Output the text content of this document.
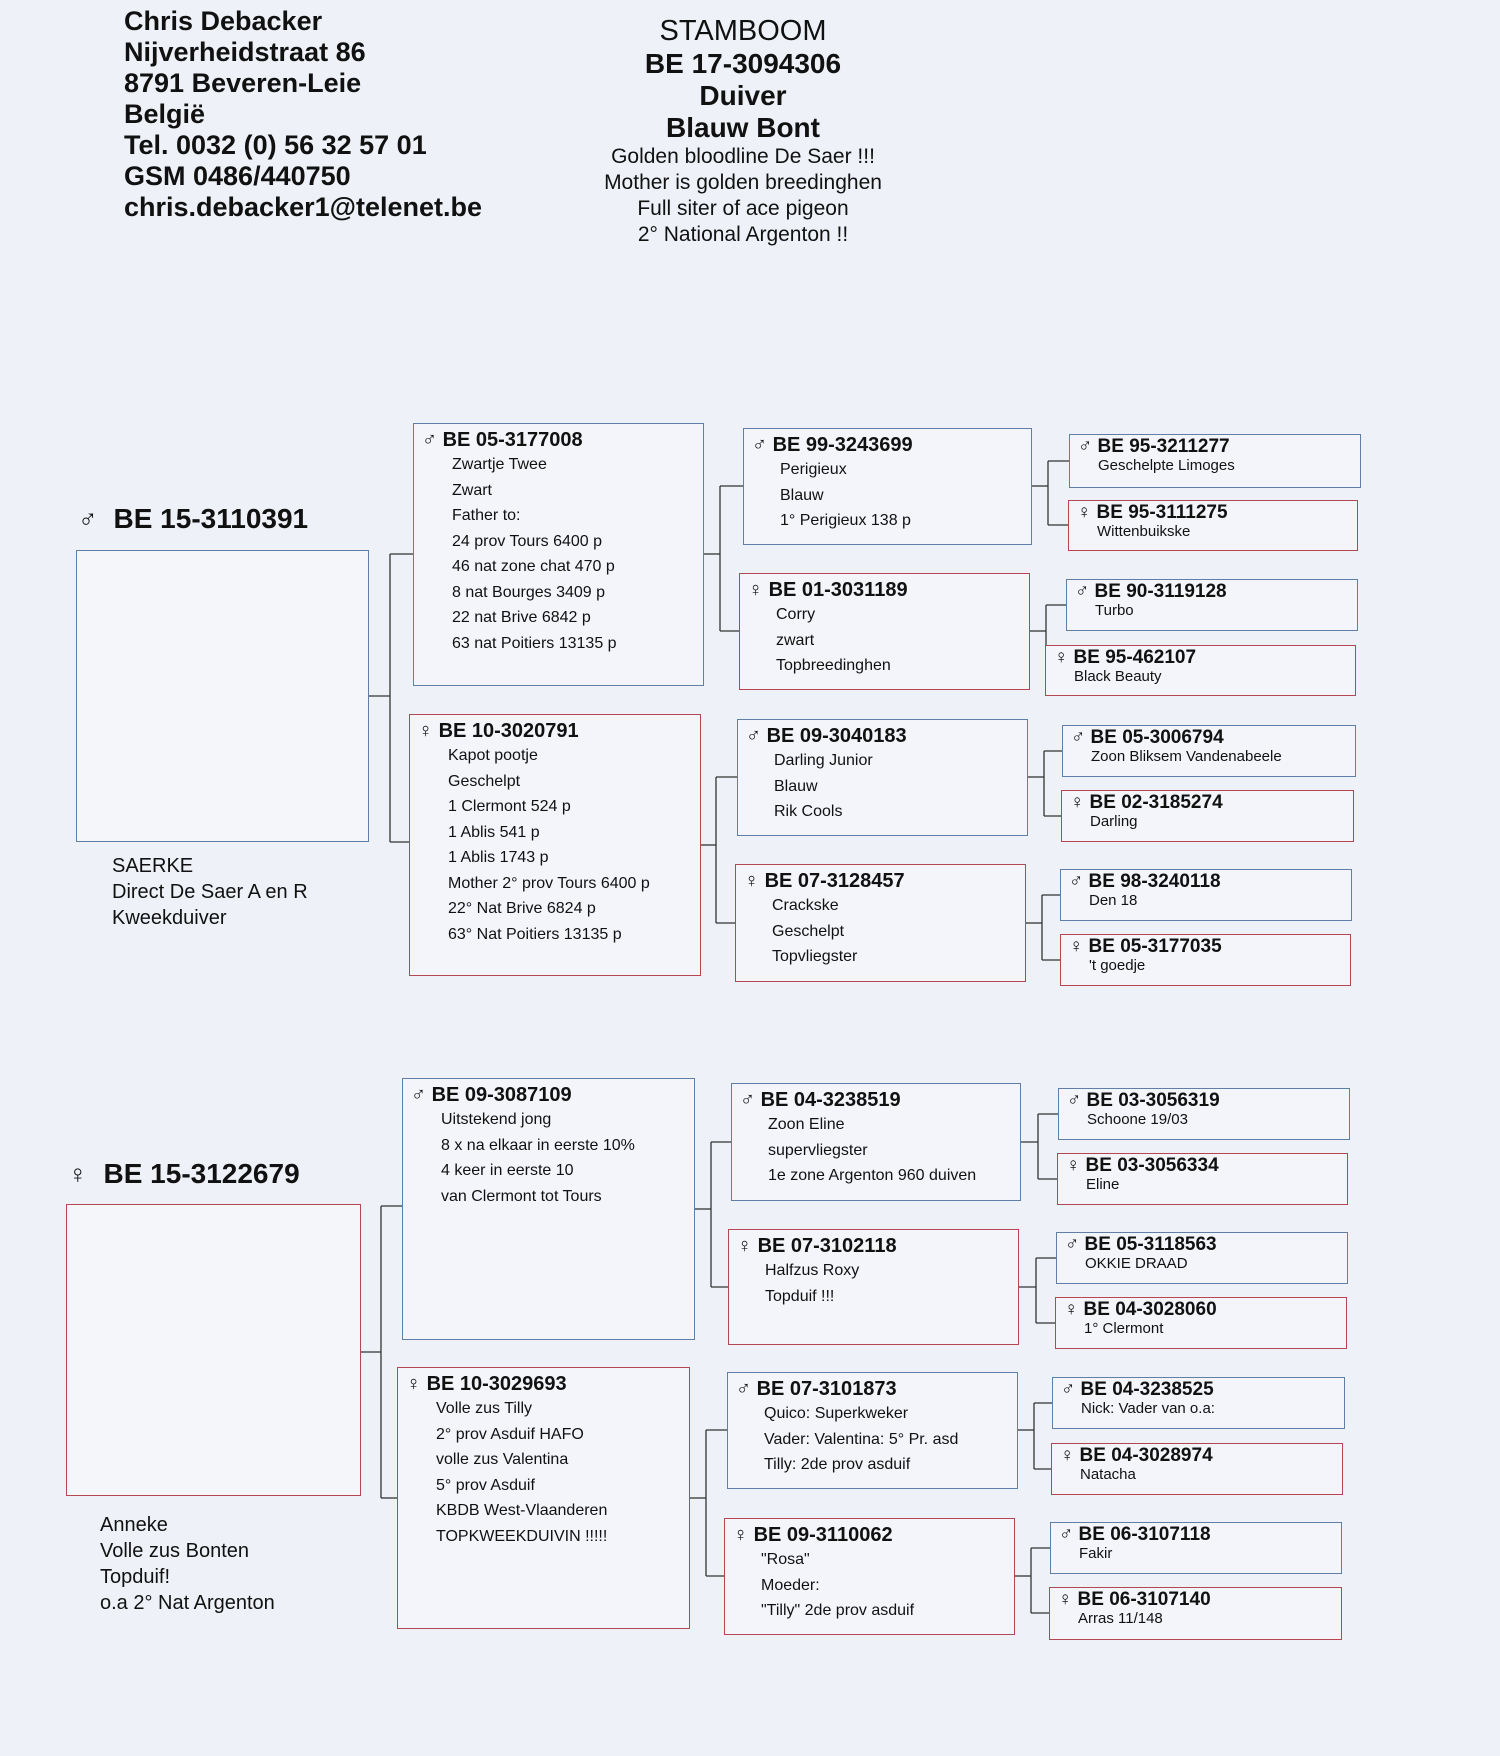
Chris Debacker
Nijverheidstraat 86
8791 Beveren-Leie
België
Tel. 0032 (0) 56 32 57 01
GSM 0486/440750
chris.debacker1@telenet.be
STAMBOOM
BE 17-3094306
Duiver
Blauw Bont
Golden bloodline De Saer !!!
Mother is golden breedinghen
Full siter of ace pigeon
2° National Argenton !!
♂ BE 15-3110391
SAERKE
Direct De Saer A en R
Kweekduiver
♀ BE 15-3122679
Anneke
Volle zus Bonten
Topduif!
o.a 2° Nat Argenton
♂ BE 05-3177008
Zwartje Twee
Zwart
Father to:
24 prov Tours 6400 p
46 nat zone chat 470 p
8 nat Bourges 3409 p
22 nat Brive 6842 p
63 nat Poitiers 13135 p
♀ BE 10-3020791
Kapot pootje
Geschelpt
1 Clermont 524 p
1 Ablis 541 p
1 Ablis 1743 p
Mother 2° prov Tours 6400 p
22° Nat Brive 6824 p
63° Nat Poitiers 13135 p
♂ BE 99-3243699
Perigieux
Blauw
1° Perigieux 138 p
♀ BE 01-3031189
Corry
zwart
Topbreedinghen
♂ BE 09-3040183
Darling Junior
Blauw
Rik Cools
♀ BE 07-3128457
Crackske
Geschelpt
Topvliegster
♂ BE 95-3211277
Geschelpte Limoges
♀ BE 95-3111275
Wittenbuikske
♂ BE 90-3119128
Turbo
♀ BE 95-462107
Black Beauty
♂ BE 05-3006794
Zoon Bliksem Vandenabeele
♀ BE 02-3185274
Darling
♂ BE 98-3240118
Den 18
♀ BE 05-3177035
't goedje
♂ BE 09-3087109
Uitstekend jong
8 x na elkaar in eerste 10%
4 keer in eerste 10
van Clermont tot Tours
♀ BE 10-3029693
Volle zus Tilly
2° prov Asduif HAFO
volle zus Valentina
5° prov Asduif
KBDB West-Vlaanderen
TOPKWEEKDUIVIN !!!!!
♂ BE 04-3238519
Zoon Eline
supervliegster
1e zone Argenton 960 duiven
♀ BE 07-3102118
Halfzus Roxy
Topduif !!!
♂ BE 07-3101873
Quico: Superkweker
Vader: Valentina: 5° Pr. asd
Tilly: 2de prov asduif
♀ BE 09-3110062
"Rosa"
Moeder:
"Tilly" 2de prov asduif
♂ BE 03-3056319
Schoone 19/03
♀ BE 03-3056334
Eline
♂ BE 05-3118563
OKKIE DRAAD
♀ BE 04-3028060
1° Clermont
♂ BE 04-3238525
Nick: Vader van o.a:
♀ BE 04-3028974
Natacha
♂ BE 06-3107118
Fakir
♀ BE 06-3107140
Arras 11/148
